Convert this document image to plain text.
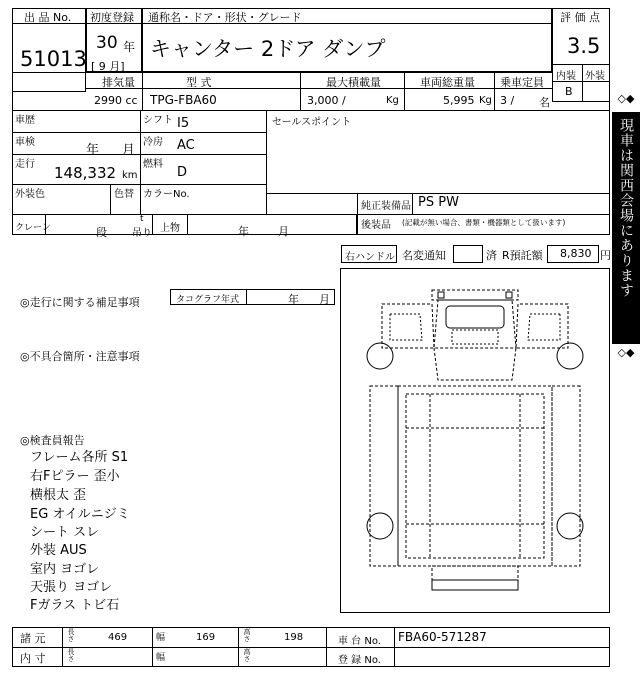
出 品 No.
51013
初度登録
30 年
[ 9 月]
通称名・ドア・形状・グレード
キャンター 2ドア ダンプ
評 価 点
3.5
内装 外装
B
排気量
2990 cc
型 式
TPG-FBA60
最大積載量
3,000 /	Kg
車両総重量
5,995 Kg
乗車定員
3 / 名
車歴
車検
年 月
走行 148,332 km
シフト I5
冷房 AC
燃料
D
外装色	色替 カラーNo.
セールスポイント
純正装備品 PS PW
後装品 (記載が無い場合、書類・機器類として扱います)
クレーン	段
t
吊り 上物	年	月
右ハンドル 名変通知	済 R預託額 8,830 円
◎走行に関する補足事項	タコグラフ年式	年 月
◎不具合箇所・注意事項
◎検査員報告
フレーム各所 S1
右Fピラー 歪小
横根太 歪
EG オイルニジミ
シート スレ
外装 AUS
室内 ヨゴレ
天張り ヨゴレ
Fガラス トビ石
◇◆
現車は関西会場にあります
◇◆
諸 元	長さ	469	幅	169	高さ	198	車 台 No. FBA60-571287
内 寸	長さ	幅	高さ	登 録 No.
